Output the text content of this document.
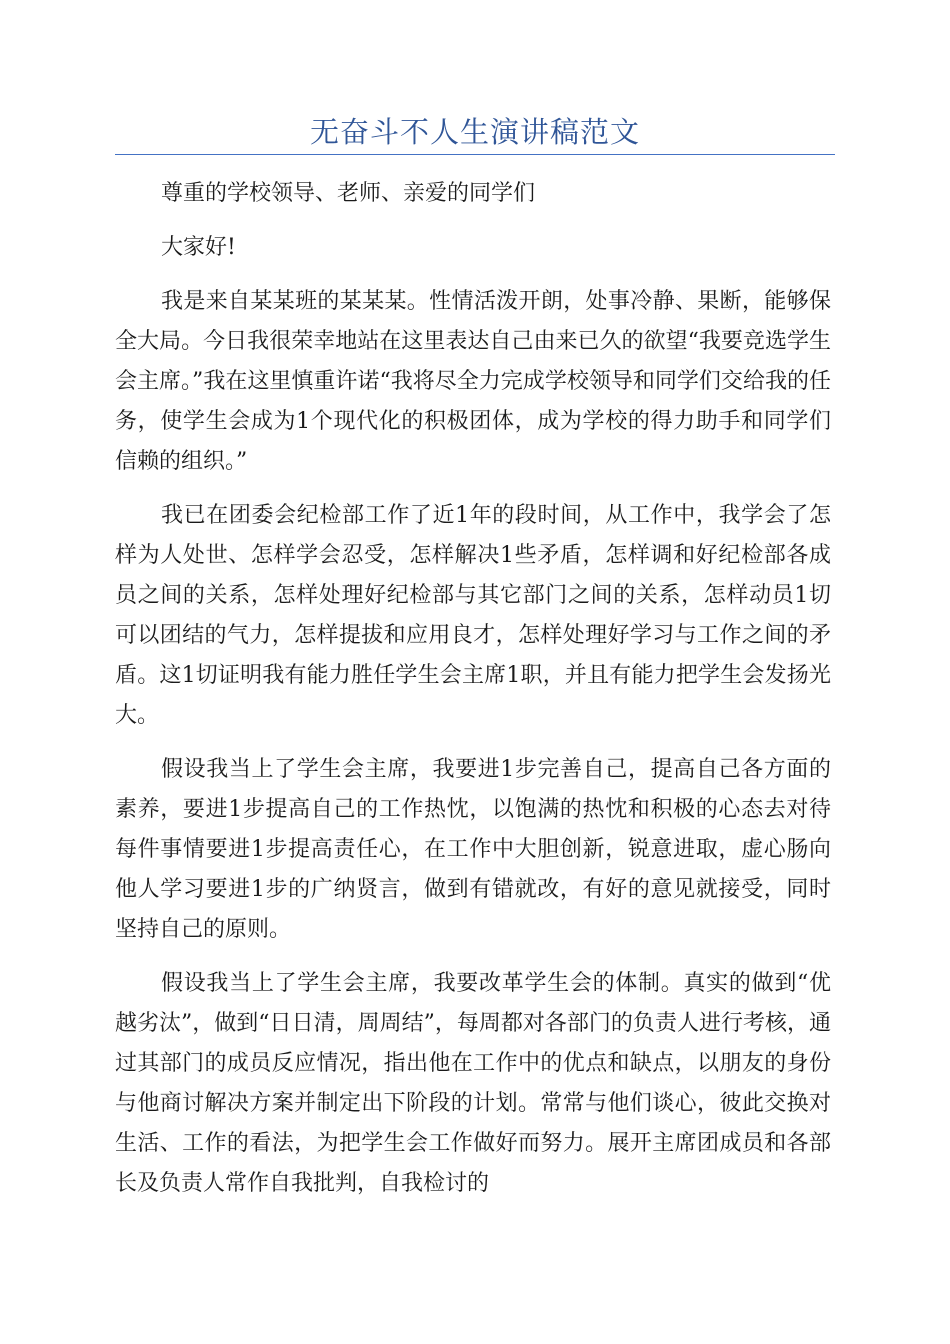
无奋斗不人生演讲稿范文

尊重的学校领导、老师、亲爱的同学们

大家好!

我是来自某某班的某某某。性情活泼开朗，处事冷静、果断，能够保全大局。今日我很荣幸地站在这里表达自己由来已久的欲望“我要竞选学生会主席。”我在这里慎重许诺“我将尽全力完成学校领导和同学们交给我的任务，使学生会成为1个现代化的积极团体，成为学校的得力助手和同学们信赖的组织。”

我已在团委会纪检部工作了近1年的段时间，从工作中，我学会了怎样为人处世、怎样学会忍受，怎样解决1些矛盾，怎样调和好纪检部各成员之间的关系，怎样处理好纪检部与其它部门之间的关系，怎样动员1切可以团结的气力，怎样提拔和应用良才，怎样处理好学习与工作之间的矛盾。这1切证明我有能力胜任学生会主席1职，并且有能力把学生会发扬光大。

假设我当上了学生会主席，我要进1步完善自己，提高自己各方面的素养，要进1步提高自己的工作热忱，以饱满的热忱和积极的心态去对待每件事情要进1步提高责任心，在工作中大胆创新，锐意进取，虚心肠向他人学习要进1步的广纳贤言，做到有错就改，有好的意见就接受，同时坚持自己的原则。

假设我当上了学生会主席，我要改革学生会的体制。真实的做到“优越劣汰”，做到“日日清，周周结”，每周都对各部门的负责人进行考核，通过其部门的成员反应情况，指出他在工作中的优点和缺点，以朋友的身份与他商讨解决方案并制定出下阶段的计划。常常与他们谈心，彼此交换对生活、工作的看法，为把学生会工作做好而努力。展开主席团成员和各部长及负责人常作自我批判，自我检讨的
